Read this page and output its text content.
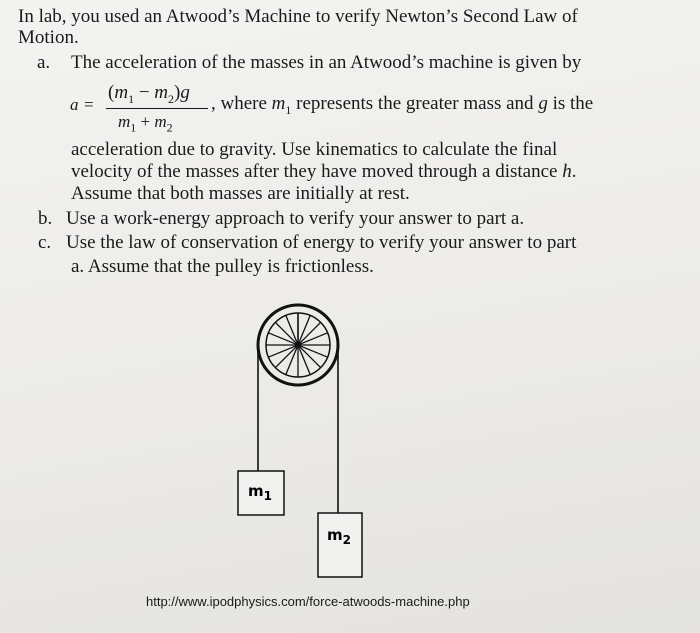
In lab, you used an Atwood’s Machine to verify Newton’s Second Law of
Motion.
a. The acceleration of the masses in an Atwood’s machine is given by
a =
$(m_1 - m_2)g$
$m_1 + m_2$
, where $m_1$ represents the greater mass and g is the
acceleration due to gravity. Use kinematics to calculate the final
velocity of the masses after they have moved through a distance h.
Assume that both masses are initially at rest.
b. Use a work-energy approach to verify your answer to part a.
c. Use the law of conservation of energy to verify your answer to part
a. Assume that the pulley is frictionless.
$m_1$
$m_2$
http://www.ipodphysics.com/force-atwoods-machine.php
